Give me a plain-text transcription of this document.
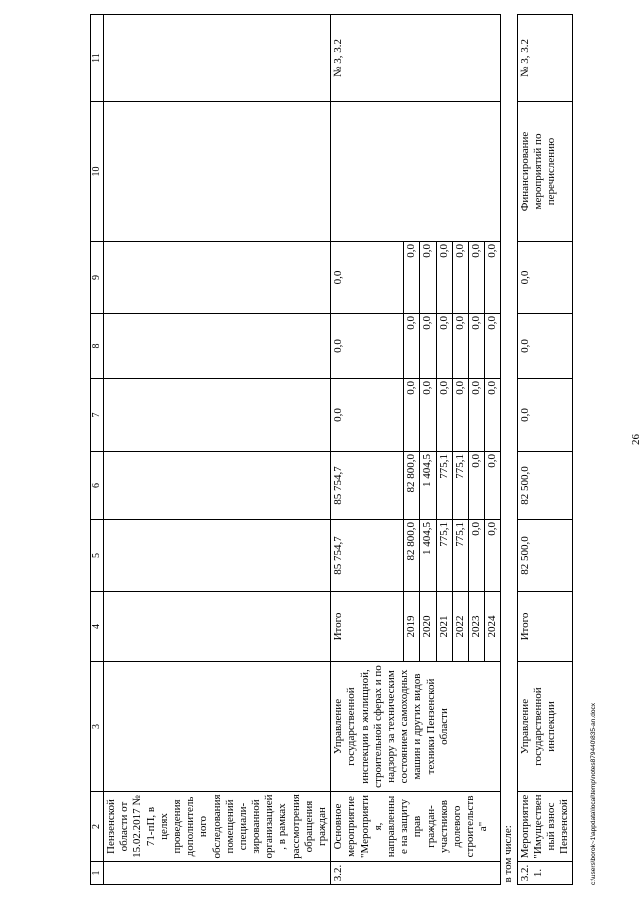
26
1	2	3	4	5	6	7	8	9	10	11
	Пензенской области от 15.02.2017 № 71-пП, в целях проведения дополнительного обследования помещений специали-зированной организацией, в рамках рассмотрения обращения граждан									
3.2.	Основное мероприятие "Мероприятия, направленные на защиту прав граждан-участников долевого строительства"	Управление государственной инспекции в жилищной, строительной сферах и по надзору за техническим состоянием самоходных машин и других видов техники Пензенской области	Итого	85 754,7	85 754,7	0,0	0,0	0,0		№ 3, 3.2
			2019	82 800,0	82 800,0	0,0	0,0	0,0		
			2020	1 404,5	1 404,5	0,0	0,0	0,0		
			2021	775,1	775,1	0,0	0,0	0,0		
			2022	775,1	775,1	0,0	0,0	0,0		
			2023	0,0	0,0	0,0	0,0	0,0		
			2024	0,0	0,0	0,0	0,0	0,0		
в том числе:										
3.2.1.	Мероприятие "Имущественный взнос Пензенской	Управление государственной инспекции	Итого	82 500,0	82 500,0	0,0	0,0	0,0	Финансирование мероприятий по перечислению	№ 3, 3.2
c:\users\borok~1\appdata\local\temp\notes879440\835-an.docx
